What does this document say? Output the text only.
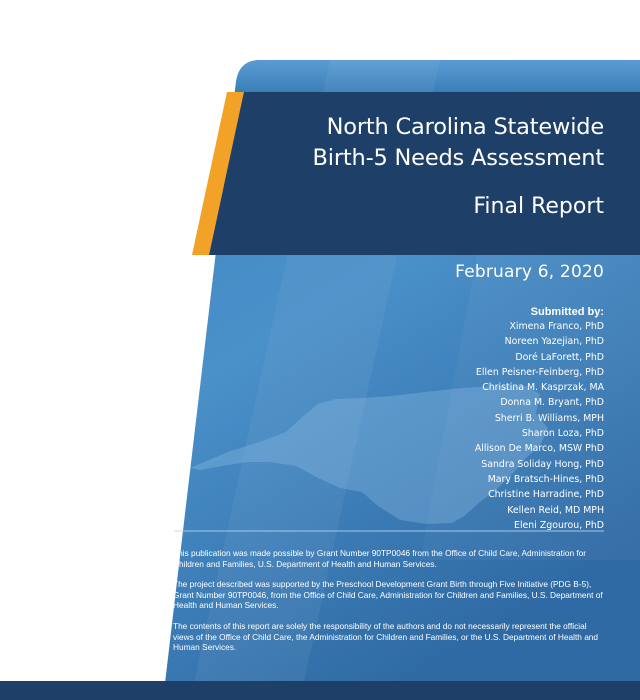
North Carolina Statewide
Birth-5 Needs Assessment
Final Report
February 6, 2020
Submitted by:
Ximena Franco, PhD
Noreen Yazejian, PhD
Doré LaForett, PhD
Ellen Peisner-Feinberg, PhD
Christina M. Kasprzak, MA
Donna M. Bryant, PhD
Sherri B. Williams, MPH
Sharon Loza, PhD
Allison De Marco, MSW PhD
Sandra Soliday Hong, PhD
Mary Bratsch-Hines, PhD
Christine Harradine, PhD
Kellen Reid, MD MPH
Eleni Zgourou, PhD

This publication was made possible by Grant Number 90TP0046 from the Office of Child Care, Administration for Children and Families, U.S. Department of Health and Human Services.

The project described was supported by the Preschool Development Grant Birth through Five Initiative (PDG B-5), Grant Number 90TP0046, from the Office of Child Care, Administration for Children and Families, U.S. Department of Health and Human Services.

The contents of this report are solely the responsibility of the authors and do not necessarily represent the official views of the Office of Child Care, the Administration for Children and Families, or the U.S. Department of Health and Human Services.
